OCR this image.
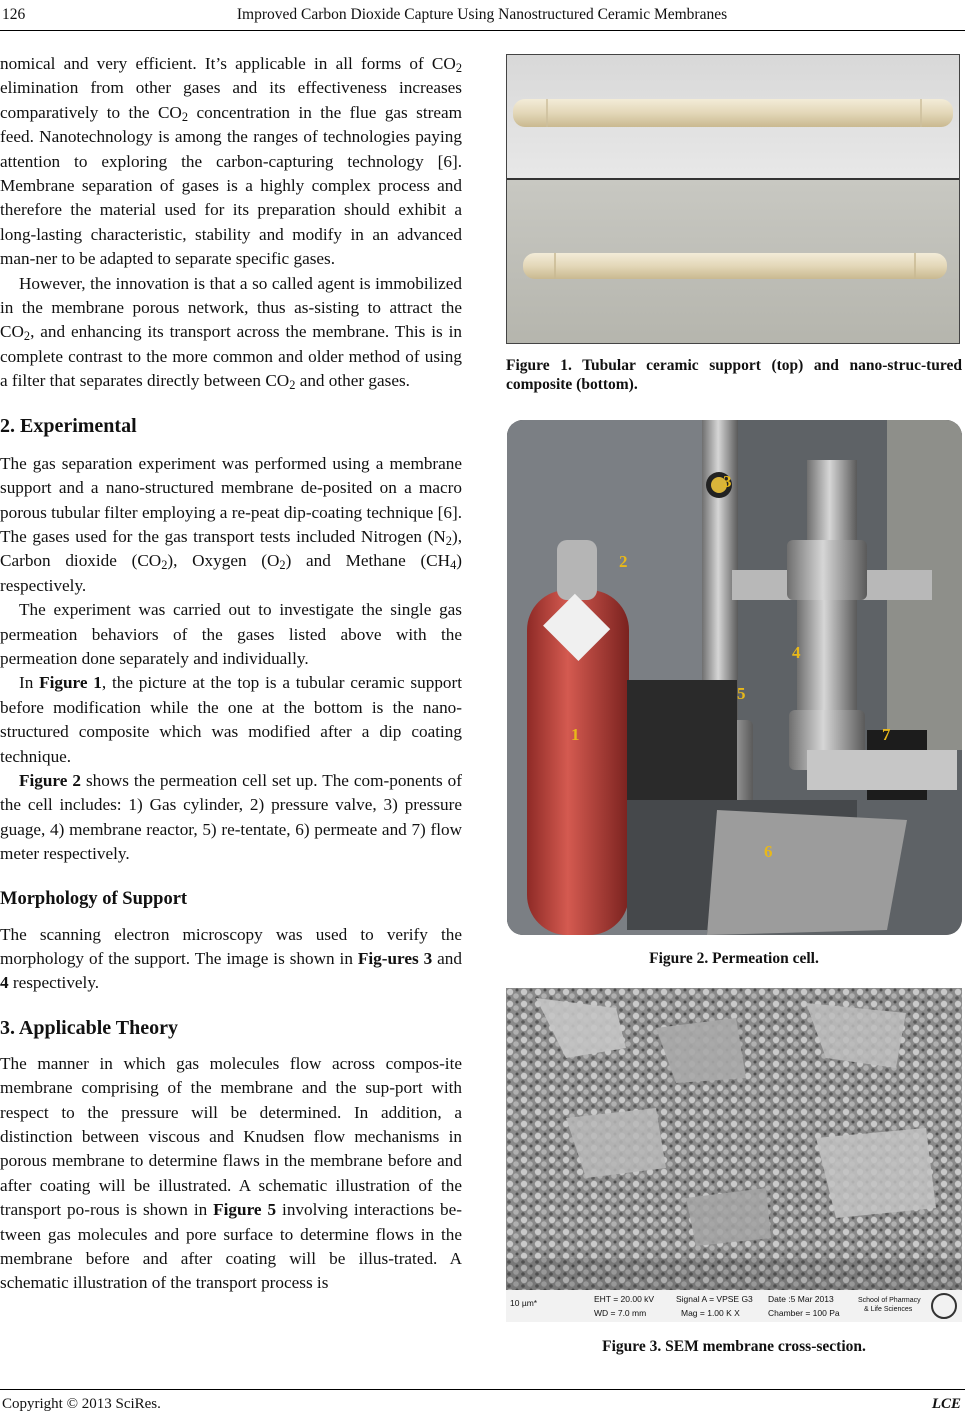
126	Improved Carbon Dioxide Capture Using Nanostructured Ceramic Membranes

nomical and very efficient. It’s applicable in all forms of $CO_2$ elimination from other gases and its effectiveness increases comparatively to the $CO_2$ concentration in the flue gas stream feed. Nanotechnology is among the ranges of technologies paying attention to exploring the carbon-capturing technology [6]. Membrane separation of gases is a highly complex process and therefore the material used for its preparation should exhibit a long-lasting characteristic, stability and modify in an advanced man-ner to be adapted to separate specific gases.

However, the innovation is that a so called agent is immobilized in the membrane porous network, thus as-sisting to attract the $CO_2$, and enhancing its transport across the membrane. This is in complete contrast to the more common and older method of using a filter that separates directly between $CO_2$ and other gases.

2. Experimental

The gas separation experiment was performed using a membrane support and a nano-structured membrane de-posited on a macro porous tubular filter employing a re-peat dip-coating technique [6]. The gases used for the gas transport tests included Nitrogen $(N_2)$, Carbon dioxide $(CO_2)$, Oxygen $(O_2)$ and Methane $(CH_4)$ respectively.

The experiment was carried out to investigate the single gas permeation behaviors of the gases listed above with the permeation done separately and individually.

In Figure 1, the picture at the top is a tubular ceramic support before modification while the one at the bottom is the nano-structured composite which was modified after a dip coating technique.

Figure 2 shows the permeation cell set up. The com-ponents of the cell includes: 1) Gas cylinder, 2) pressure valve, 3) pressure guage, 4) membrane reactor, 5) re-tentate, 6) permeate and 7) flow meter respectively.

Morphology of Support

The scanning electron microscopy was used to verify the morphology of the support. The image is shown in Fig-ures 3 and 4 respectively.

3. Applicable Theory

The manner in which gas molecules flow across compos-ite membrane comprising of the membrane and the sup-port with respect to the pressure will be determined. In addition, a distinction between viscous and Knudsen flow mechanisms in porous membrane to determine flaws in the membrane before and after coating will be illustrated. A schematic illustration of the transport po-rous is shown in Figure 5 involving interactions be-tween gas molecules and pore surface to determine flows in the membrane before and after coating will be illus-trated. A schematic illustration of the transport process is

Figure 1. Tubular ceramic support (top) and nano-struc-tured composite (bottom).
1
2
3
4
5
6
7
Figure 2. Permeation cell.
10 µm*	EHT = 20.00 kV
WD = 7.0 mm
Signal A = VPSE G3
Mag = 1.00 K X
Date :5 Mar 2013
Chamber = 100 Pa
School of Pharmacy
& Life Sciences
Figure 3. SEM membrane cross-section.
Copyright © 2013 SciRes.	LCE
